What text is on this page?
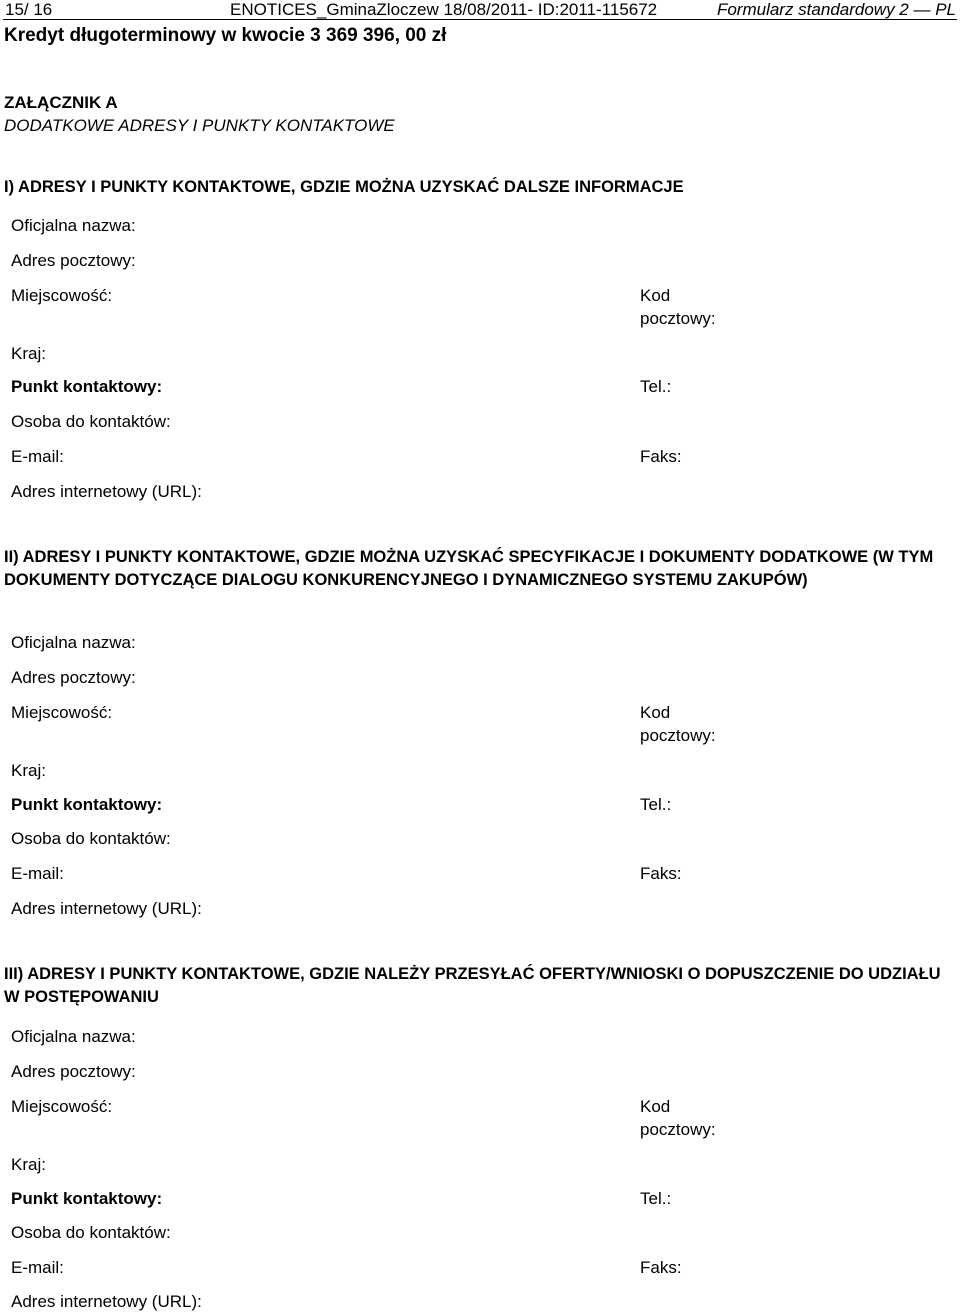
15/ 16	ENOTICES_GminaZloczew 18/08/2011- ID:2011-115672	Formularz standardowy 2 — PL
Kredyt długoterminowy w kwocie 3 369 396, 00 zł
ZAŁĄCZNIK A
DODATKOWE ADRESY I PUNKTY KONTAKTOWE
I) ADRESY I PUNKTY KONTAKTOWE, GDZIE MOŻNA UZYSKAĆ DALSZE INFORMACJE
Oficjalna nazwa:
Adres pocztowy:
Miejscowość:	Kod
pocztowy:
Kraj:
Punkt kontaktowy:	Tel.:
Osoba do kontaktów:
E-mail:	Faks:
Adres internetowy (URL):
II) ADRESY I PUNKTY KONTAKTOWE, GDZIE MOŻNA UZYSKAĆ SPECYFIKACJE I DOKUMENTY DODATKOWE (W TYM DOKUMENTY DOTYCZĄCE DIALOGU KONKURENCYJNEGO I DYNAMICZNEGO SYSTEMU ZAKUPÓW)
Oficjalna nazwa:
Adres pocztowy:
Miejscowość:	Kod
pocztowy:
Kraj:
Punkt kontaktowy:	Tel.:
Osoba do kontaktów:
E-mail:	Faks:
Adres internetowy (URL):
III) ADRESY I PUNKTY KONTAKTOWE, GDZIE NALEŻY PRZESYŁAĆ OFERTY/WNIOSKI O DOPUSZCZENIE DO UDZIAŁU W POSTĘPOWANIU
Oficjalna nazwa:
Adres pocztowy:
Miejscowość:	Kod
pocztowy:
Kraj:
Punkt kontaktowy:	Tel.:
Osoba do kontaktów:
E-mail:	Faks:
Adres internetowy (URL):
